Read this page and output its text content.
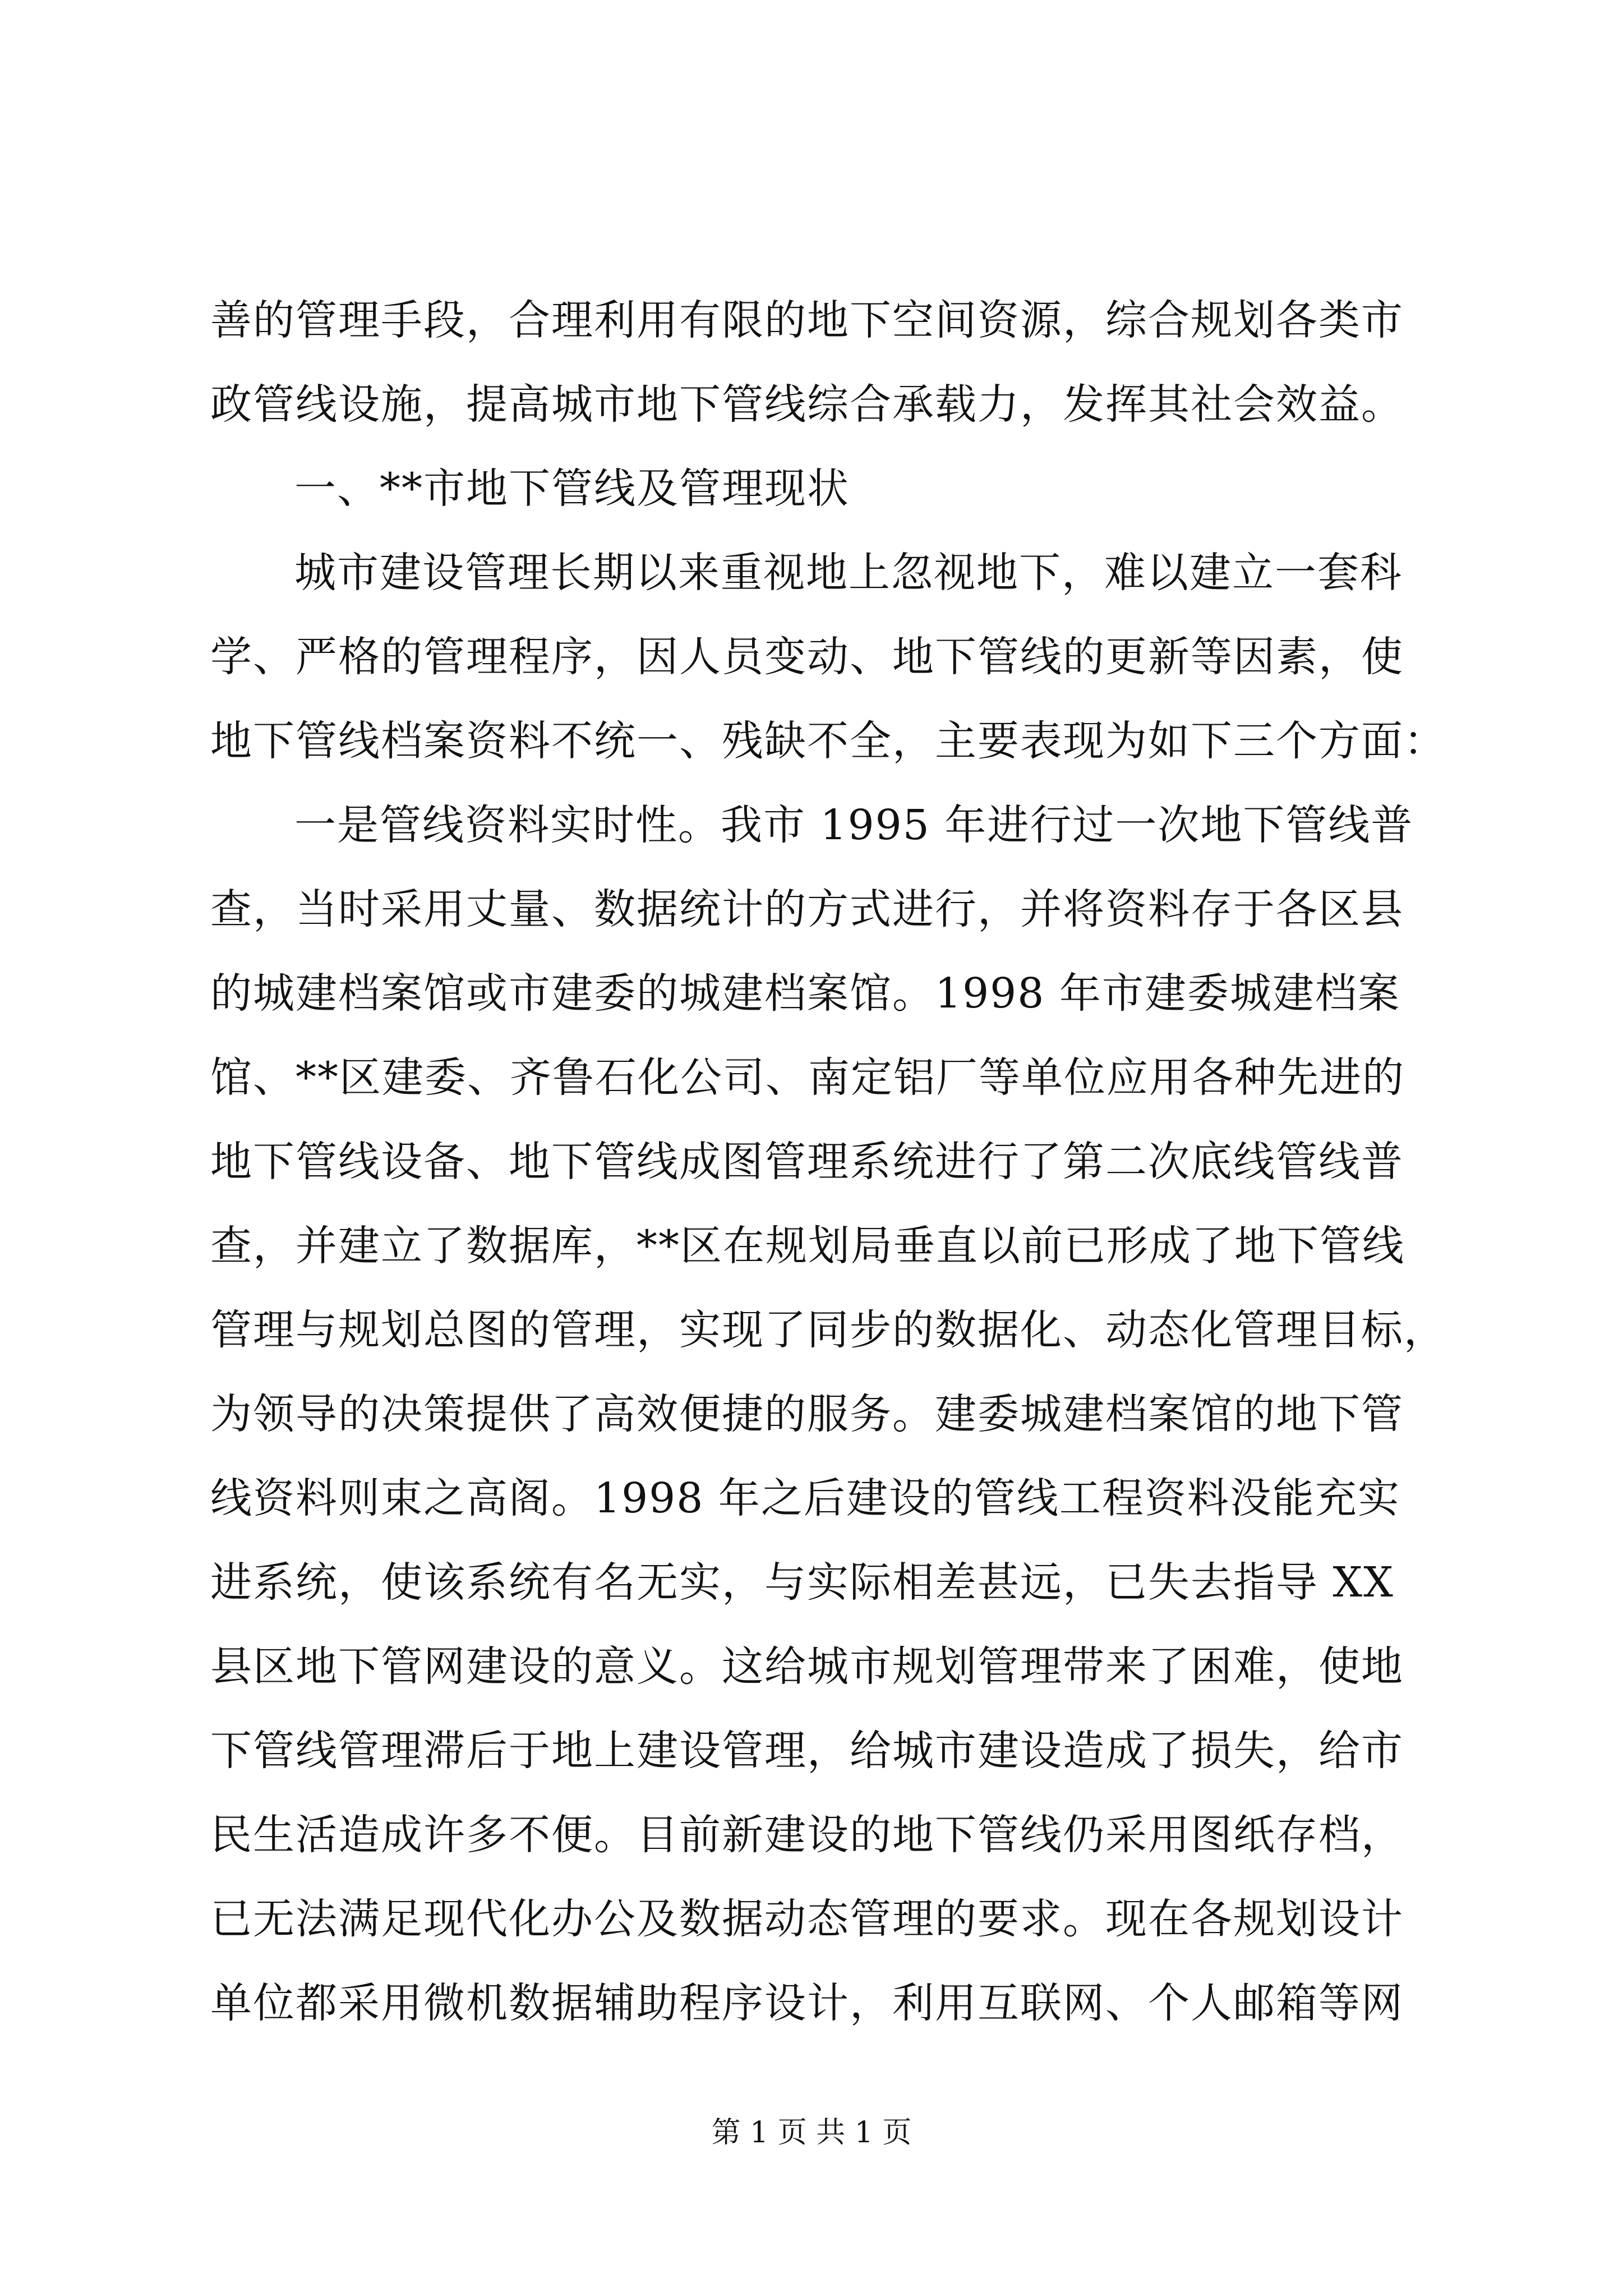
善的管理手段，合理利用有限的地下空间资源，综合规划各类市
政管线设施，提高城市地下管线综合承载力，发挥其社会效益。
一、**市地下管线及管理现状
城市建设管理长期以来重视地上忽视地下，难以建立一套科
学、严格的管理程序，因人员变动、地下管线的更新等因素，使
地下管线档案资料不统一、残缺不全，主要表现为如下三个方面：
一是管线资料实时性。我市 1995 年进行过一次地下管线普
查，当时采用丈量、数据统计的方式进行，并将资料存于各区县
的城建档案馆或市建委的城建档案馆。1998 年市建委城建档案
馆、**区建委、齐鲁石化公司、南定铝厂等单位应用各种先进的
地下管线设备、地下管线成图管理系统进行了第二次底线管线普
查，并建立了数据库，**区在规划局垂直以前已形成了地下管线
管理与规划总图的管理，实现了同步的数据化、动态化管理目标，
为领导的决策提供了高效便捷的服务。建委城建档案馆的地下管
线资料则束之高阁。1998 年之后建设的管线工程资料没能充实
进系统，使该系统有名无实，与实际相差甚远，已失去指导 XX
县区地下管网建设的意义。这给城市规划管理带来了困难，使地
下管线管理滞后于地上建设管理，给城市建设造成了损失，给市
民生活造成许多不便。目前新建设的地下管线仍采用图纸存档，
已无法满足现代化办公及数据动态管理的要求。现在各规划设计
单位都采用微机数据辅助程序设计，利用互联网、个人邮箱等网
第 1 页 共 1 页
